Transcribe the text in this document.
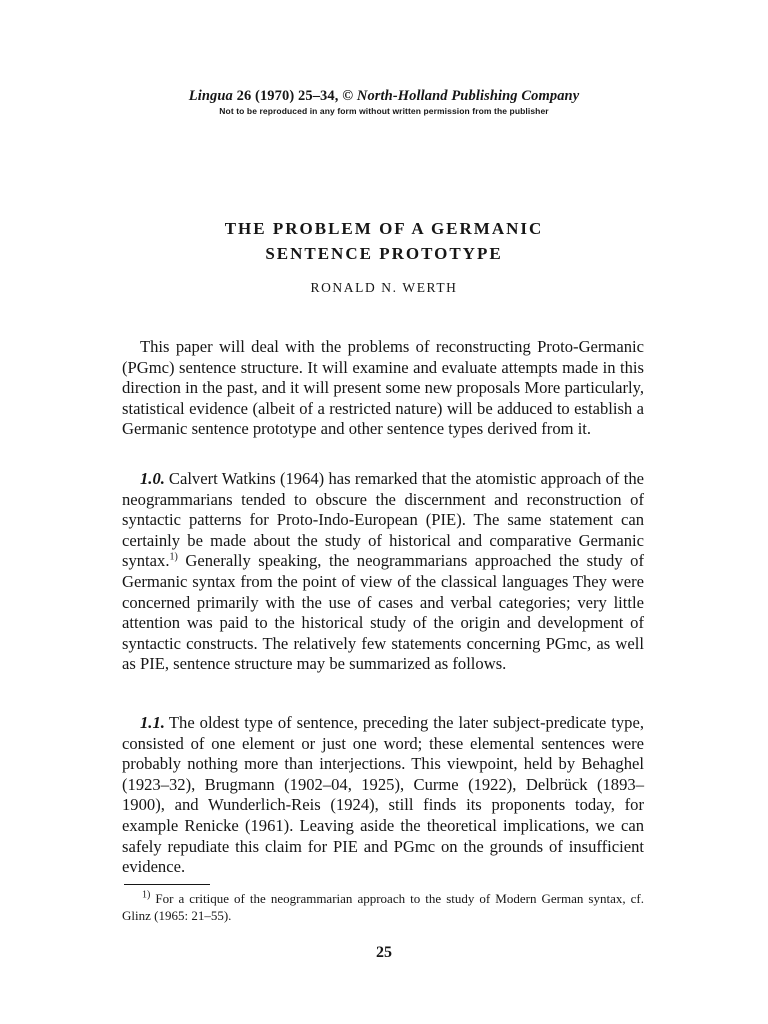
Lingua 26 (1970) 25–34, © North-Holland Publishing Company
Not to be reproduced in any form without written permission from the publisher
THE PROBLEM OF A GERMANIC
SENTENCE PROTOTYPE
RONALD N. WERTH

This paper will deal with the problems of reconstructing Proto-Germanic (PGmc) sentence structure. It will examine and evaluate attempts made in this direction in the past, and it will present some new proposals More particularly, statistical evidence (albeit of a restricted nature) will be adduced to establish a Germanic sentence prototype and other sentence types derived from it.

1.0. Calvert Watkins (1964) has remarked that the atomistic approach of the neogrammarians tended to obscure the discernment and reconstruction of syntactic patterns for Proto-Indo-European (PIE). The same statement can certainly be made about the study of historical and comparative Germanic syntax.$^{1)}$ Generally speaking, the neogrammarians approached the study of Germanic syntax from the point of view of the classical languages They were concerned primarily with the use of cases and verbal categories; very little attention was paid to the historical study of the origin and development of syntactic constructs. The relatively few statements concerning PGmc, as well as PIE, sentence structure may be summarized as follows.

1.1. The oldest type of sentence, preceding the later subject-predicate type, consisted of one element or just one word; these elemental sentences were probably nothing more than interjections. This viewpoint, held by Behaghel (1923–32), Brugmann (1902–04, 1925), Curme (1922), Delbrück (1893–1900), and Wunderlich-Reis (1924), still finds its proponents today, for example Renicke (1961). Leaving aside the theoretical implications, we can safely repudiate this claim for PIE and PGmc on the grounds of insufficient evidence.

$^{1)}$ For a critique of the neogrammarian approach to the study of Modern German syntax, cf. Glinz (1965: 21–55).

25
